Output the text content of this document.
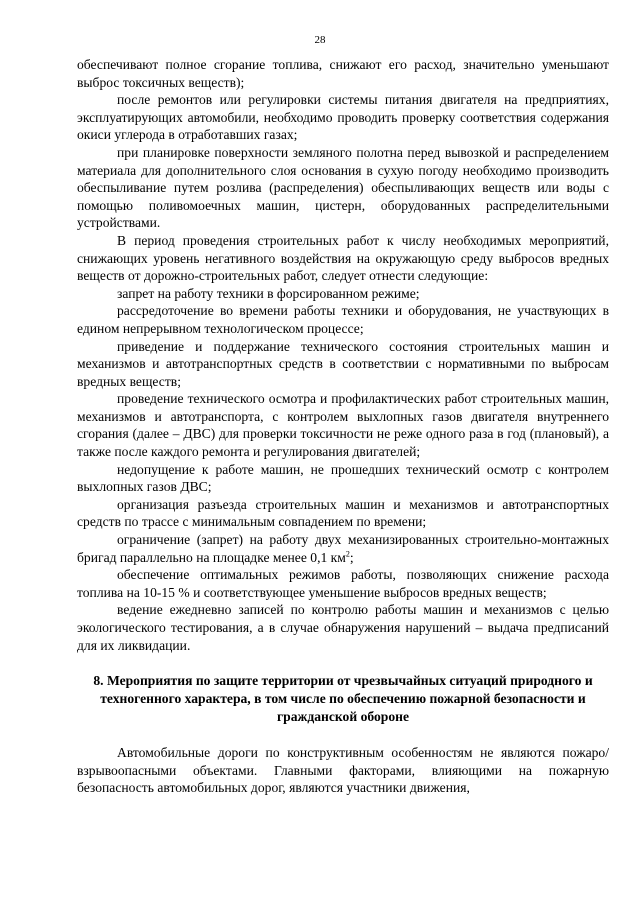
28

обеспечивают полное сгорание топлива, снижают его расход, значительно уменьшают выброс токсичных веществ);

после ремонтов или регулировки системы питания двигателя на предприятиях, эксплуатирующих автомобили, необходимо проводить проверку соответствия содержания окиси углерода в отработавших газах;

при планировке поверхности земляного полотна перед вывозкой и распределением материала для дополнительного слоя основания в сухую погоду необходимо производить обеспыливание путем розлива (распределения) обеспыливающих веществ или воды с помощью поливомоечных машин, цистерн, оборудованных распределительными устройствами.

В период проведения строительных работ к числу необходимых мероприятий, снижающих уровень негативного воздействия на окружающую среду выбросов вредных веществ от дорожно-строительных работ, следует отнести следующие:

запрет на работу техники в форсированном режиме;

рассредоточение во времени работы техники и оборудования, не участвующих в едином непрерывном технологическом процессе;

приведение и поддержание технического состояния строительных машин и механизмов и автотранспортных средств в соответствии с нормативными по выбросам вредных веществ;

проведение технического осмотра и профилактических работ строительных машин, механизмов и автотранспорта, с контролем выхлопных газов двигателя внутреннего сгорания (далее – ДВС) для проверки токсичности не реже одного раза в год (плановый), а также после каждого ремонта и регулирования двигателей;

недопущение к работе машин, не прошедших технический осмотр с контролем выхлопных газов ДВС;

организация разъезда строительных машин и механизмов и автотранспортных средств по трассе с минимальным совпадением по времени;

ограничение (запрет) на работу двух механизированных строительно-монтажных бригад параллельно на площадке менее 0,1 $км^2$;

обеспечение оптимальных режимов работы, позволяющих снижение расхода топлива на 10-15 % и соответствующее уменьшение выбросов вредных веществ;

ведение ежедневно записей по контролю работы машин и механизмов с целью экологического тестирования, а в случае обнаружения нарушений – выдача предписаний для их ликвидации.

8. Мероприятия по защите территории от чрезвычайных ситуаций природного и техногенного характера, в том числе по обеспечению пожарной безопасности и гражданской обороне

Автомобильные дороги по конструктивным особенностям не являются пожаро/взрывоопасными объектами. Главными факторами, влияющими на пожарную безопасность автомобильных дорог, являются участники движения,
